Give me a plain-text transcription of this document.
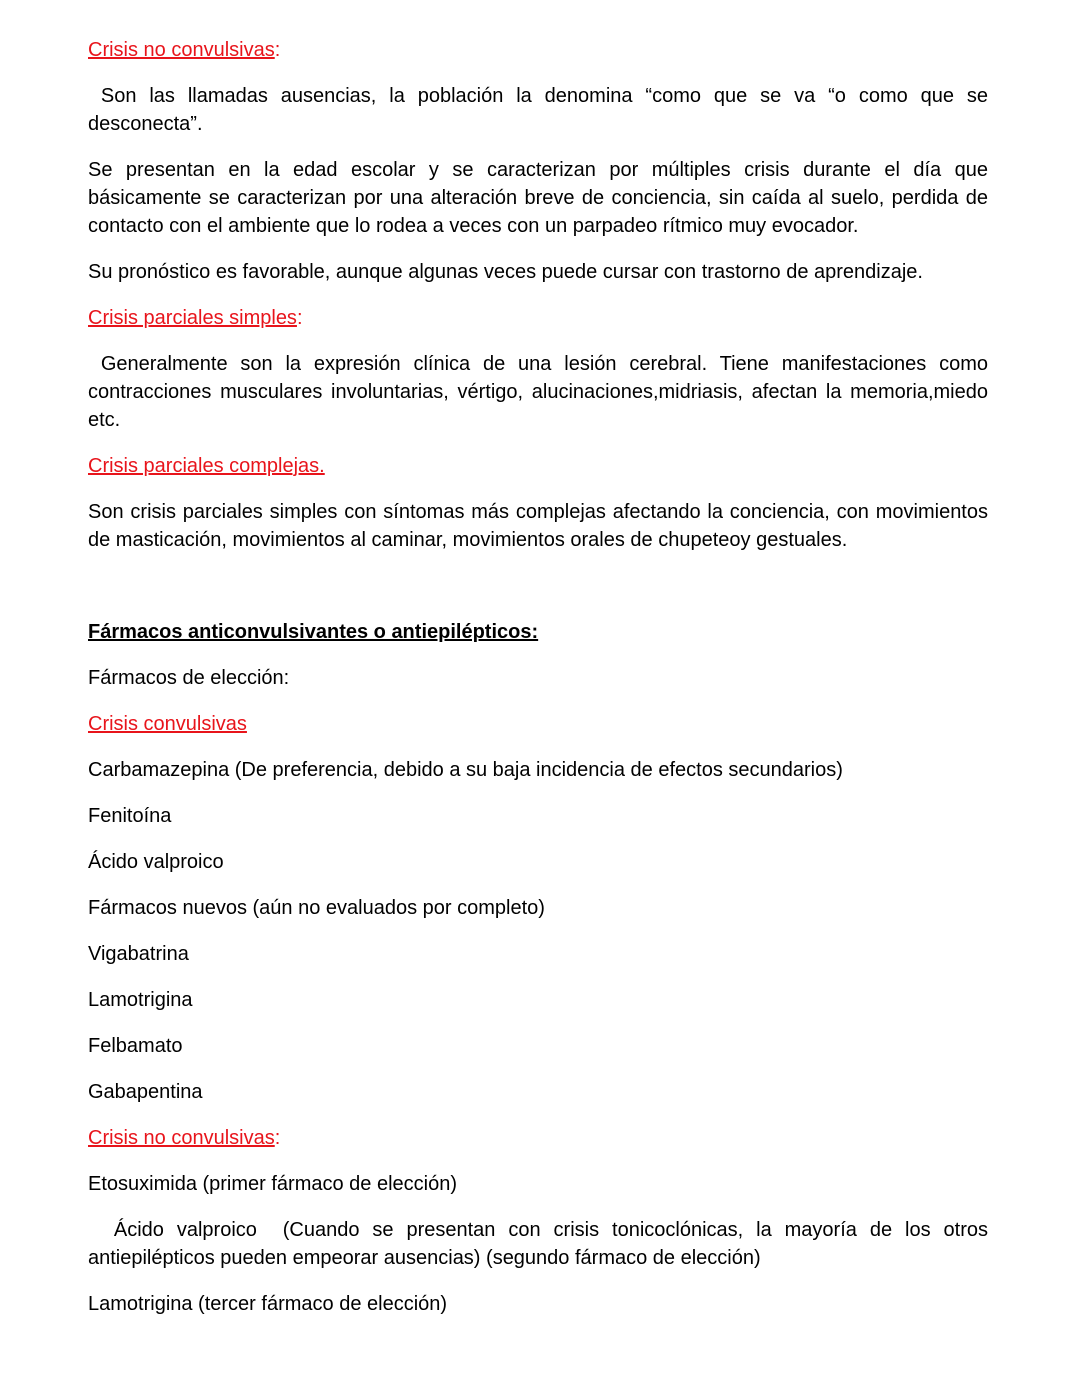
Crisis no convulsivas:

Son las llamadas ausencias, la población la denomina “como que se va “o como que se desconecta”.

Se presentan en la edad escolar y se caracterizan por múltiples crisis durante el día que básicamente se caracterizan por una alteración breve de conciencia, sin caída al suelo, perdida de contacto con el ambiente que lo rodea a veces con un parpadeo rítmico muy evocador.

Su pronóstico es favorable, aunque algunas veces puede cursar con trastorno de aprendizaje.

Crisis parciales simples:

Generalmente son la expresión clínica de una lesión cerebral. Tiene manifestaciones como contracciones musculares involuntarias, vértigo, alucinaciones,midriasis, afectan la memoria,miedo etc.

Crisis parciales complejas.

Son crisis parciales simples con síntomas más complejas afectando la conciencia, con movimientos de masticación, movimientos al caminar, movimientos orales de chupeteoy gestuales.

Fármacos anticonvulsivantes o antiepilépticos:

Fármacos de elección:

Crisis convulsivas

Carbamazepina (De preferencia, debido a su baja incidencia de efectos secundarios)

Fenitoína

Ácido valproico

Fármacos nuevos (aún no evaluados por completo)

Vigabatrina

Lamotrigina

Felbamato

Gabapentina

Crisis no convulsivas:

Etosuximida (primer fármaco de elección)

Ácido valproico  (Cuando se presentan con crisis tonicoclónicas, la mayoría de los otros antiepilépticos pueden empeorar ausencias) (segundo fármaco de elección)

Lamotrigina (tercer fármaco de elección)
